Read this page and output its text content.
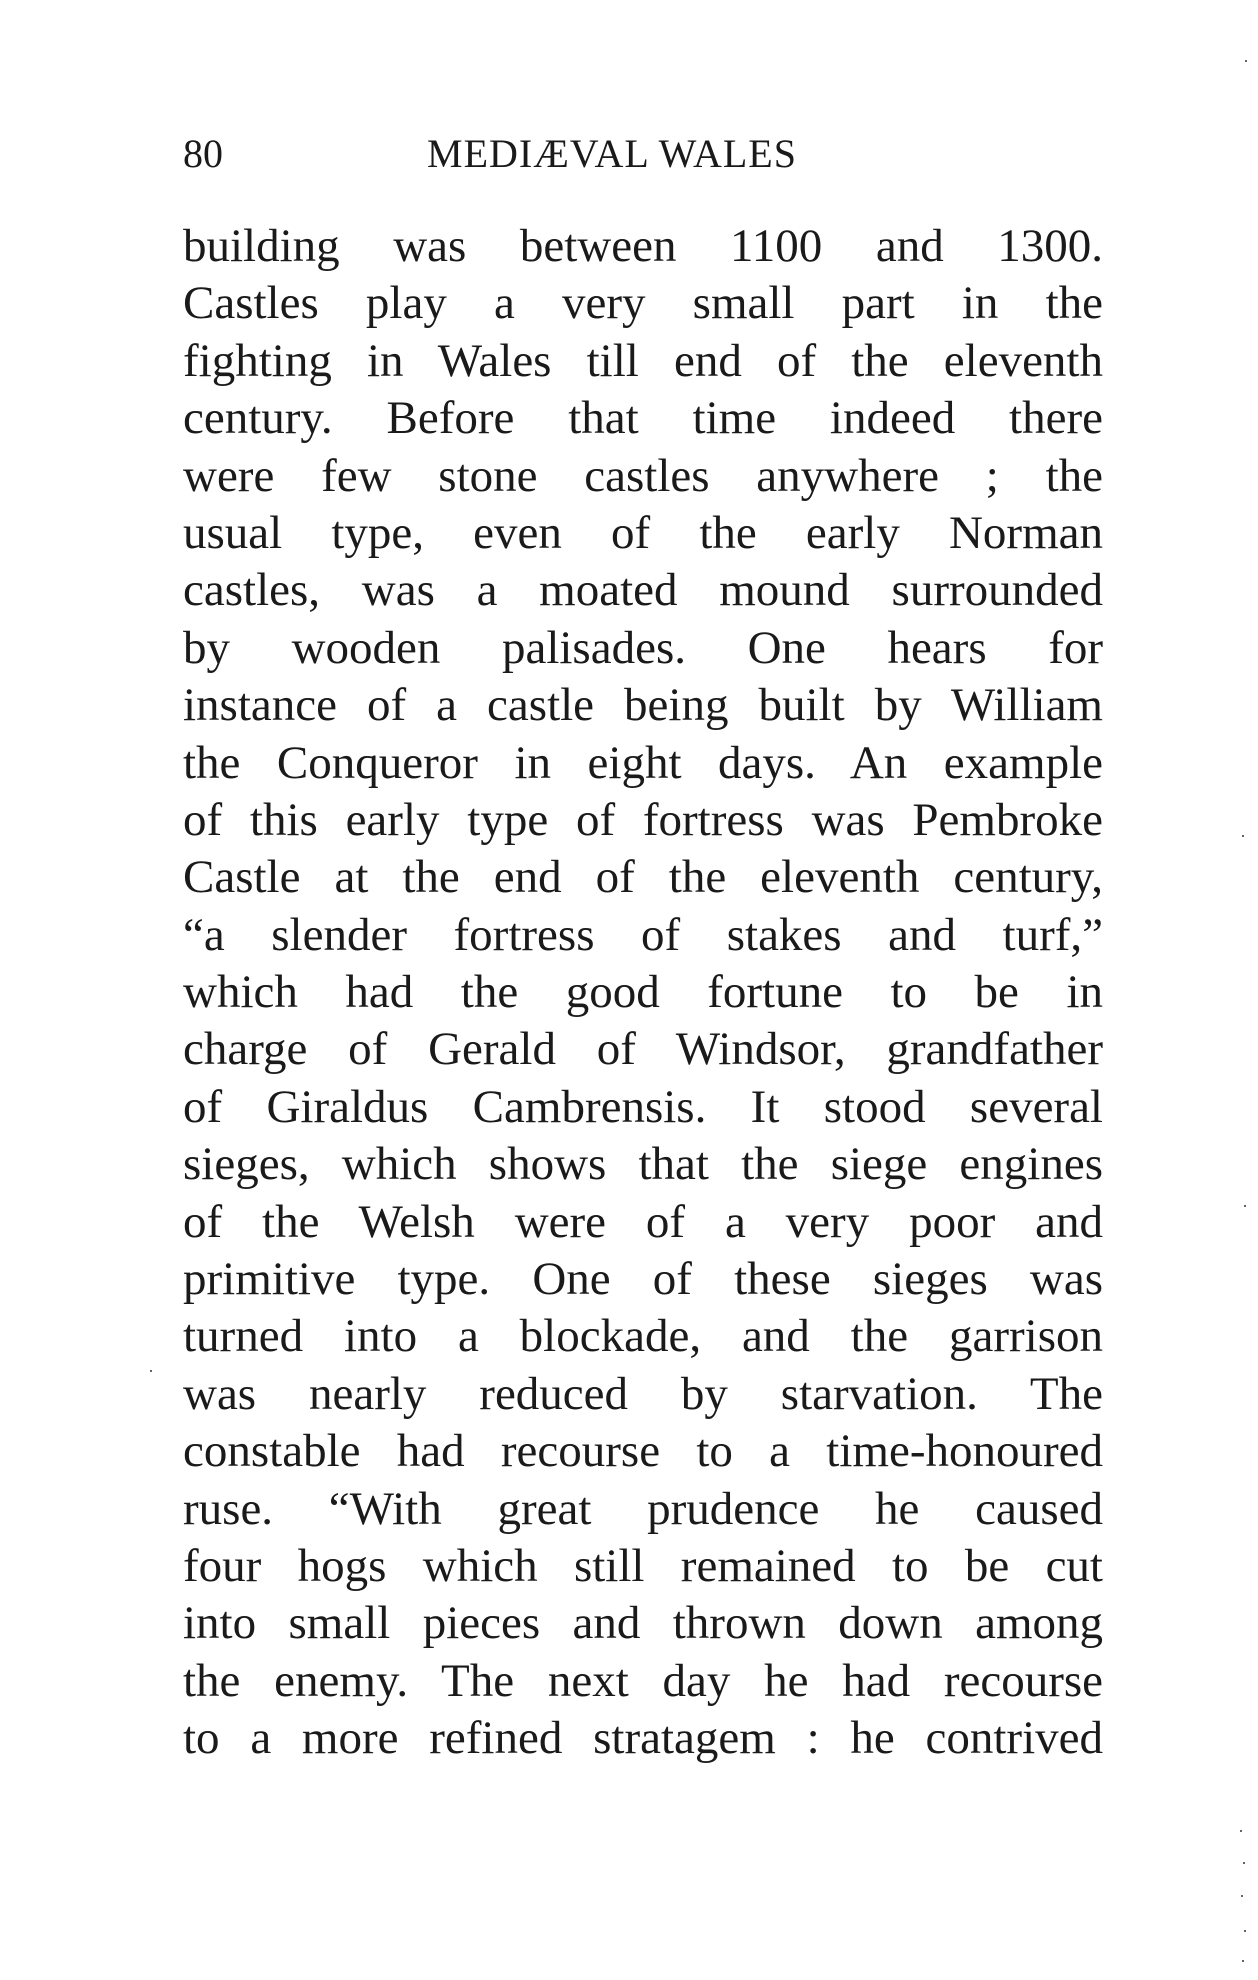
80	MEDIÆVAL WALES
building was between 1100 and 1300.
Castles play a very small part in the
fighting in Wales till end of the eleventh
century. Before that time indeed there
were few stone castles anywhere ; the
usual type, even of the early Norman
castles, was a moated mound surrounded
by wooden palisades. One hears for
instance of a castle being built by William
the Conqueror in eight days. An example
of this early type of fortress was Pembroke
Castle at the end of the eleventh century,
“a slender fortress of stakes and turf,”
which had the good fortune to be in
charge of Gerald of Windsor, grandfather
of Giraldus Cambrensis. It stood several
sieges, which shows that the siege engines
of the Welsh were of a very poor and
primitive type. One of these sieges was
turned into a blockade, and the garrison
was nearly reduced by starvation. The
constable had recourse to a time-honoured
ruse. “With great prudence he caused
four hogs which still remained to be cut
into small pieces and thrown down among
the enemy. The next day he had recourse
to a more refined stratagem : he contrived
